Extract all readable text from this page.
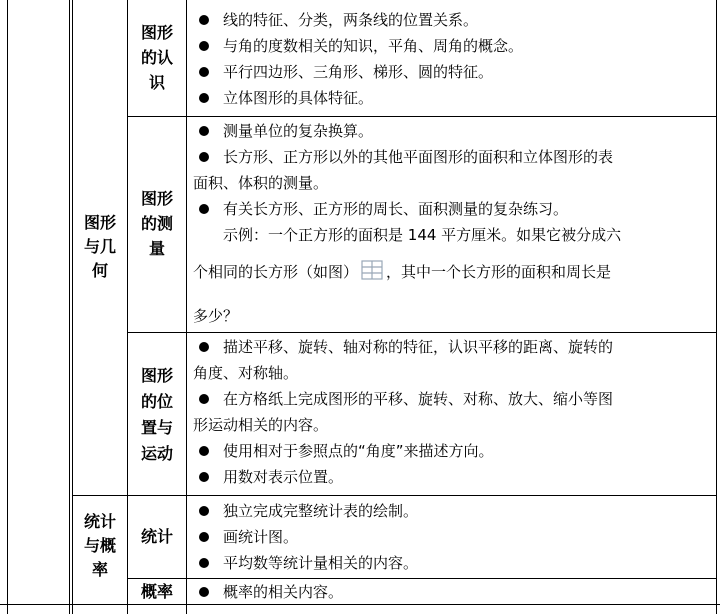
图形
与几
何
统计
与概
率
图形
的认
识
图形
的测
量
图形
的位
置与
运动
统计
概率
线的特征、分类，两条线的位置关系。
与角的度数相关的知识，平角、周角的概念。
平行四边形、三角形、梯形、圆的特征。
立体图形的具体特征。
测量单位的复杂换算。
长方形、正方形以外的其他平面图形的面积和立体图形的表
面积、体积的测量。
有关长方形、正方形的周长、面积测量的复杂练习。
示例：一个正方形的面积是 144 平方厘米。如果它被分成六
个相同的长方形（如图） ，其中一个长方形的面积和周长是
多少？
描述平移、旋转、轴对称的特征，认识平移的距离、旋转的
角度、对称轴。
在方格纸上完成图形的平移、旋转、对称、放大、缩小等图
形运动相关的内容。
使用相对于参照点的“角度”来描述方向。
用数对表示位置。
独立完成完整统计表的绘制。
画统计图。
平均数等统计量相关的内容。
概率的相关内容。
